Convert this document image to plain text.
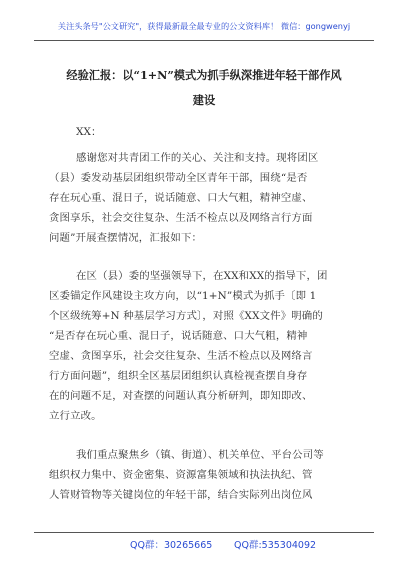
关注头条号"公文研究"，获得最新最全最专业的公文资料库！ 微信：gongwenyj
经验汇报：以“1+N”模式为抓手纵深推进年轻干部作风
建设
XX：
感谢您对共青团工作的关心、关注和支持。现将团区
（县）委发动基层团组织带动全区青年干部，围绕“是否
存在玩心重、混日子，说话随意、口大气粗，精神空虚、
贪图享乐，社会交往复杂、生活不检点以及网络言行方面
问题”开展查摆情况，汇报如下：
在区（县）委的坚强领导下，在XX和XX的指导下，团
区委锚定作风建设主攻方向，以“1+N”模式为抓手〔即 1
个区级统筹+N 种基层学习方式〕，对照《XX文件》明确的
“是否存在玩心重、混日子，说话随意、口大气粗，精神
空虚、贪图享乐，社会交往复杂、生活不检点以及网络言
行方面问题”，组织全区基层团组织认真检视查摆自身存
在的问题不足，对查摆的问题认真分析研判，即知即改、
立行立改。
我们重点聚焦乡（镇、街道）、机关单位、平台公司等
组织权力集中、资金密集、资源富集领域和执法执纪、管
人管财管物等关键岗位的年轻干部，结合实际列出岗位风
QQ群：30265665 QQ群:535304092
